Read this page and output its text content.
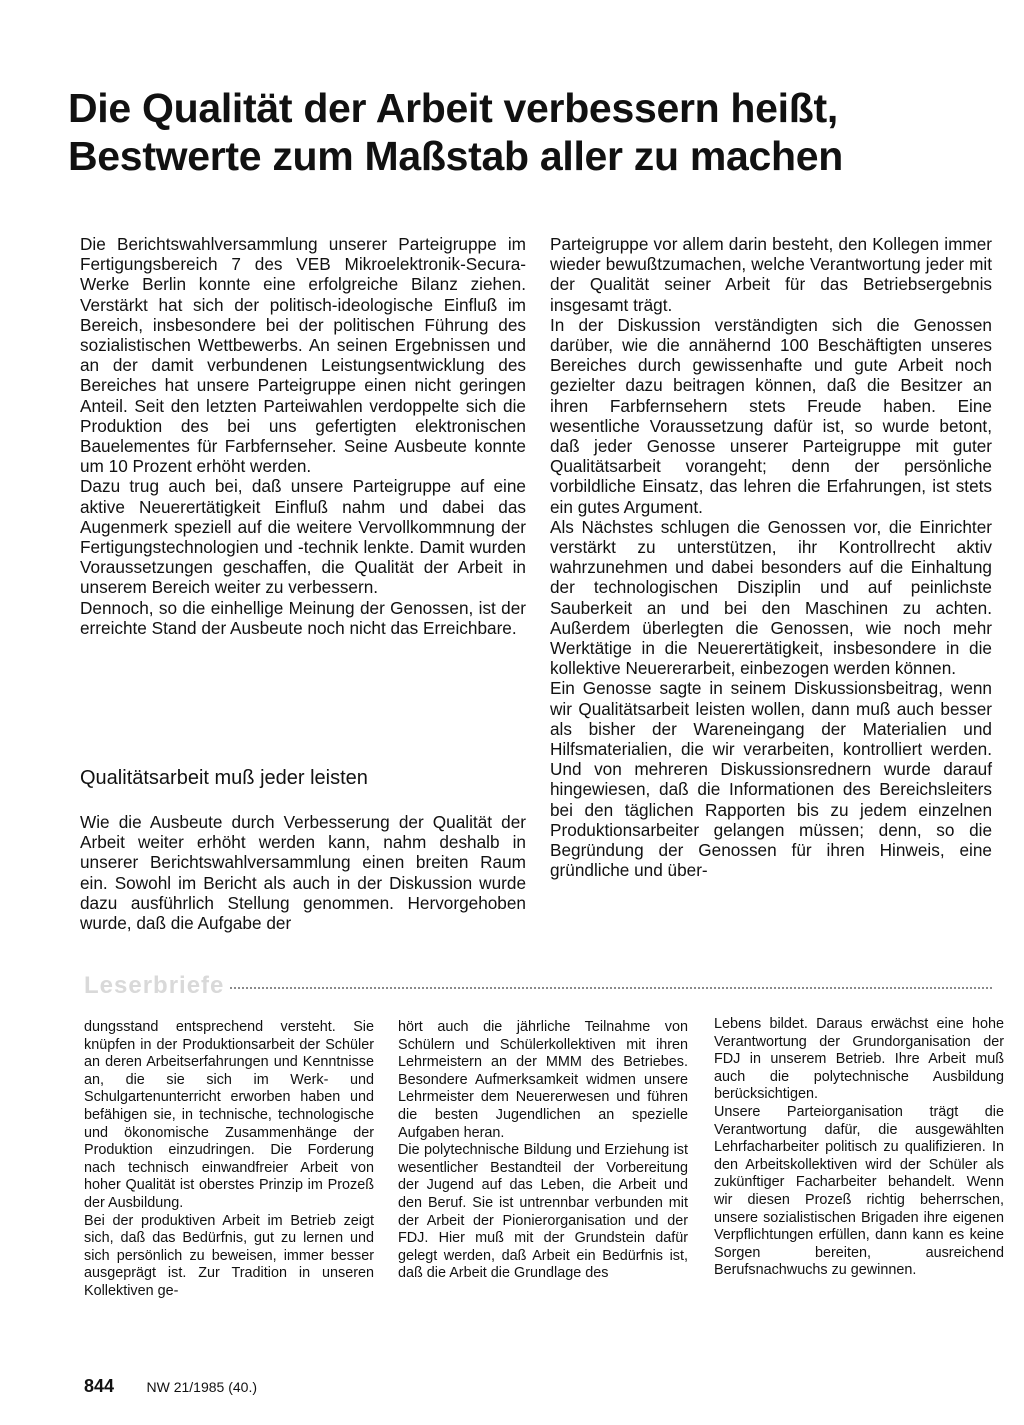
Die Qualität der Arbeit verbessern heißt,
Bestwerte zum Maßstab aller zu machen

Die Berichtswahlversammlung unserer Parteigruppe im Fertigungsbereich 7 des VEB Mikroelektronik-Secura-Werke Berlin konnte eine erfolgreiche Bilanz ziehen. Verstärkt hat sich der politisch-ideologische Einfluß im Bereich, insbesondere bei der politischen Führung des sozialistischen Wettbewerbs. An seinen Ergebnissen und an der damit verbundenen Leistungsentwicklung des Bereiches hat unsere Parteigruppe einen nicht geringen Anteil. Seit den letzten Parteiwahlen verdoppelte sich die Produktion des bei uns gefertigten elektronischen Bauelementes für Farbfernseher. Seine Ausbeute konnte um 10 Prozent erhöht werden.

Dazu trug auch bei, daß unsere Parteigruppe auf eine aktive Neuerertätigkeit Einfluß nahm und dabei das Augenmerk speziell auf die weitere Vervollkommnung der Fertigungstechnologien und -technik lenkte. Damit wurden Voraussetzungen geschaffen, die Qualität der Arbeit in unserem Bereich weiter zu verbessern.

Dennoch, so die einhellige Meinung der Genossen, ist der erreichte Stand der Ausbeute noch nicht das Erreichbare.

Qualitätsarbeit muß jeder leisten

Wie die Ausbeute durch Verbesserung der Qualität der Arbeit weiter erhöht werden kann, nahm deshalb in unserer Berichtswahlversammlung einen breiten Raum ein. Sowohl im Bericht als auch in der Diskussion wurde dazu ausführlich Stellung genommen. Hervorgehoben wurde, daß die Aufgabe der

Parteigruppe vor allem darin besteht, den Kollegen immer wieder bewußtzumachen, welche Verantwortung jeder mit der Qualität seiner Arbeit für das Betriebsergebnis insgesamt trägt.

In der Diskussion verständigten sich die Genossen darüber, wie die annähernd 100 Beschäftigten unseres Bereiches durch gewissenhafte und gute Arbeit noch gezielter dazu beitragen können, daß die Besitzer an ihren Farbfernsehern stets Freude haben. Eine wesentliche Voraussetzung dafür ist, so wurde betont, daß jeder Genosse unserer Parteigruppe mit guter Qualitätsarbeit vorangeht; denn der persönliche vorbildliche Einsatz, das lehren die Erfahrungen, ist stets ein gutes Argument.

Als Nächstes schlugen die Genossen vor, die Einrichter verstärkt zu unterstützen, ihr Kontrollrecht aktiv wahrzunehmen und dabei besonders auf die Einhaltung der technologischen Disziplin und auf peinlichste Sauberkeit an und bei den Maschinen zu achten. Außerdem überlegten die Genossen, wie noch mehr Werktätige in die Neuerertätigkeit, insbesondere in die kollektive Neuererarbeit, einbezogen werden können.

Ein Genosse sagte in seinem Diskussionsbeitrag, wenn wir Qualitätsarbeit leisten wollen, dann muß auch besser als bisher der Wareneingang der Materialien und Hilfsmaterialien, die wir verarbeiten, kontrolliert werden. Und von mehreren Diskussionsrednern wurde darauf hingewiesen, daß die Informationen des Bereichsleiters bei den täglichen Rapporten bis zu jedem einzelnen Produktionsarbeiter gelangen müssen; denn, so die Begründung der Genossen für ihren Hinweis, eine gründliche und über-

Leserbriefe

dungsstand entsprechend versteht. Sie knüpfen in der Produktionsarbeit der Schüler an deren Arbeitserfahrungen und Kenntnisse an, die sie sich im Werk- und Schulgartenunterricht erworben haben und befähigen sie, in technische, technologische und ökonomische Zusammenhänge der Produktion einzudringen. Die Forderung nach technisch einwandfreier Arbeit von hoher Qualität ist oberstes Prinzip im Prozeß der Ausbildung.

Bei der produktiven Arbeit im Betrieb zeigt sich, daß das Bedürfnis, gut zu lernen und sich persönlich zu beweisen, immer besser ausgeprägt ist. Zur Tradition in unseren Kollektiven ge-

hört auch die jährliche Teilnahme von Schülern und Schülerkollektiven mit ihren Lehrmeistern an der MMM des Betriebes. Besondere Aufmerksamkeit widmen unsere Lehrmeister dem Neuererwesen und führen die besten Jugendlichen an spezielle Aufgaben heran.

Die polytechnische Bildung und Erziehung ist wesentlicher Bestandteil der Vorbereitung der Jugend auf das Leben, die Arbeit und den Beruf. Sie ist untrennbar verbunden mit der Arbeit der Pionierorganisation und der FDJ. Hier muß mit der Grundstein dafür gelegt werden, daß Arbeit ein Bedürfnis ist, daß die Arbeit die Grundlage des

Lebens bildet. Daraus erwächst eine hohe Verantwortung der Grundorganisation der FDJ in unserem Betrieb. Ihre Arbeit muß auch die polytechnische Ausbildung berücksichtigen.

Unsere Parteiorganisation trägt die Verantwortung dafür, die ausgewählten Lehrfacharbeiter politisch zu qualifizieren. In den Arbeitskollektiven wird der Schüler als zukünftiger Facharbeiter behandelt. Wenn wir diesen Prozeß richtig beherrschen, unsere sozialistischen Brigaden ihre eigenen Verpflichtungen erfüllen, dann kann es keine Sorgen bereiten, ausreichend Berufsnachwuchs zu gewinnen.

844 NW 21/1985 (40.)
